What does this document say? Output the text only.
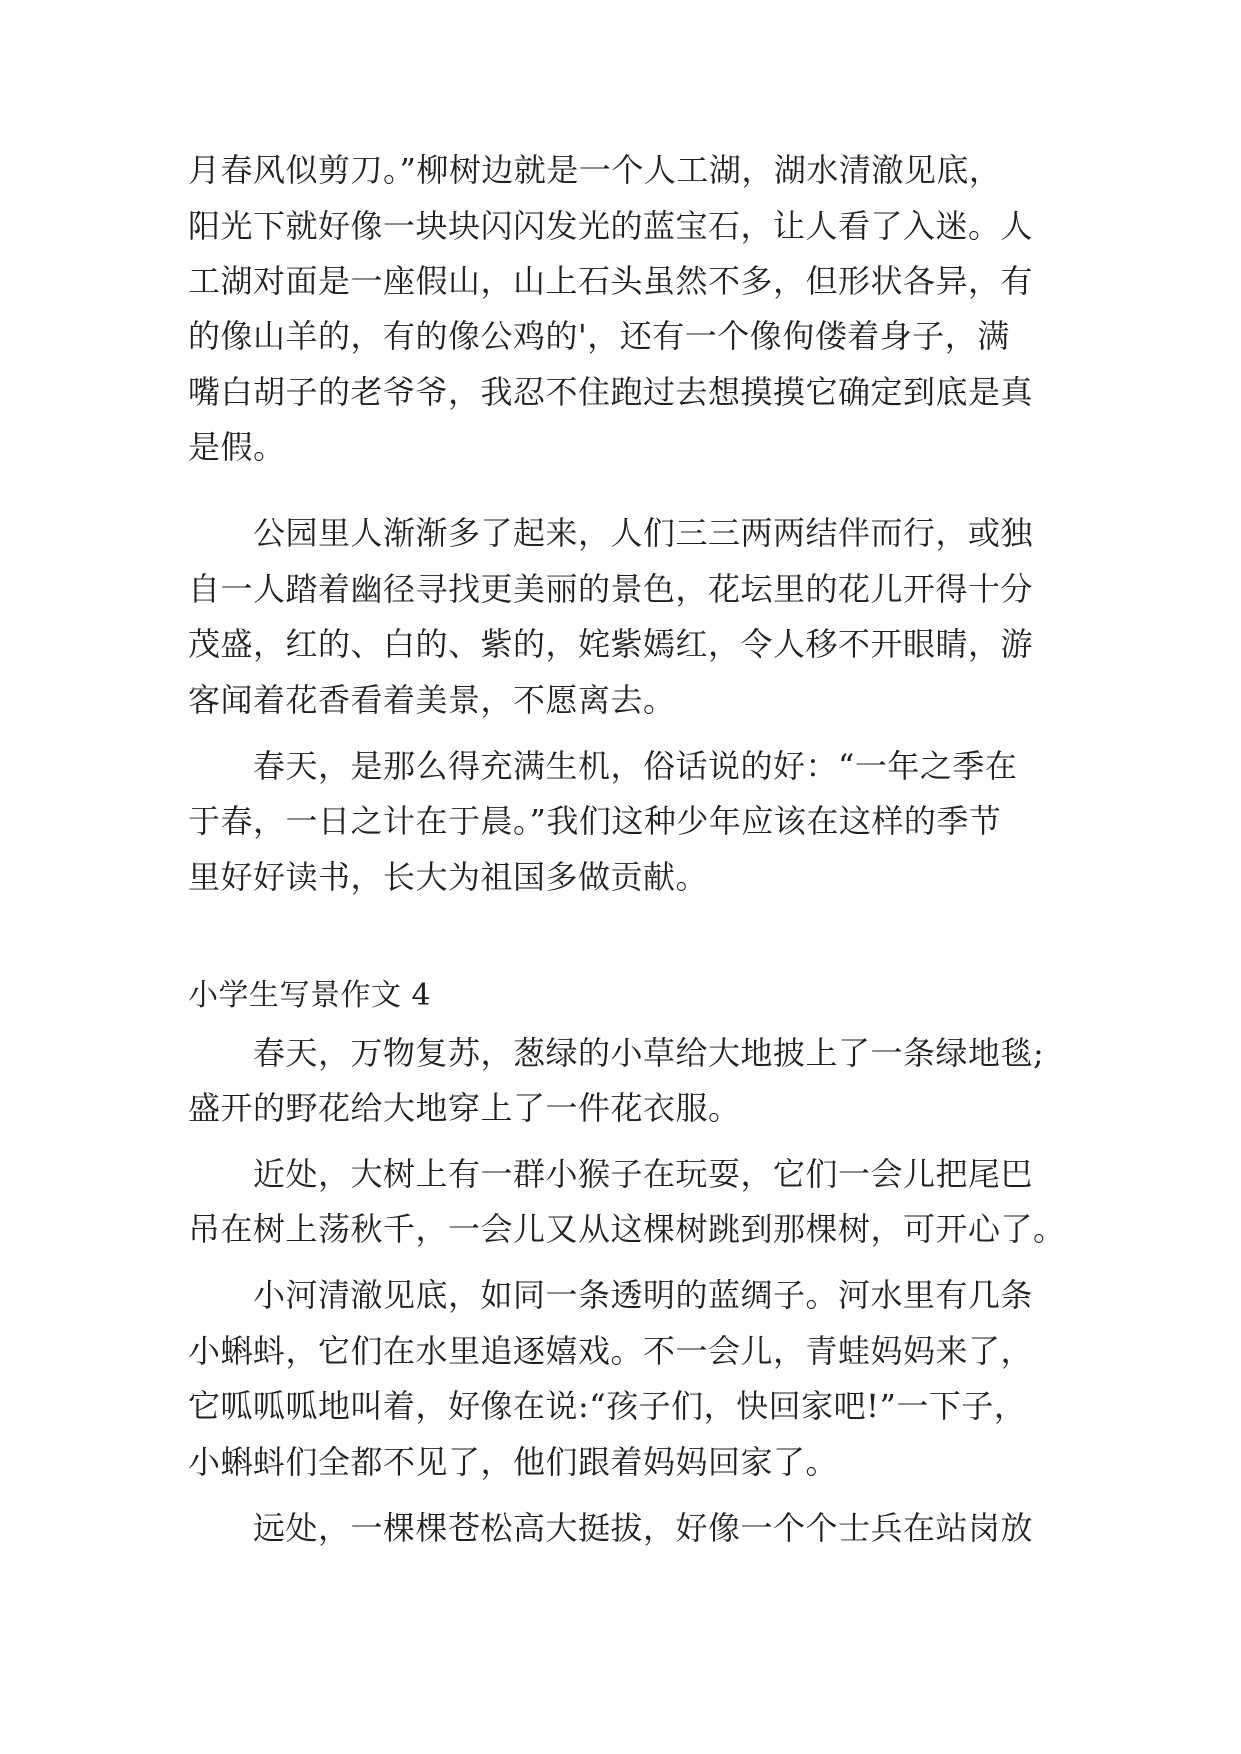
月春风似剪刀。”柳树边就是一个人工湖，湖水清澈见底，
阳光下就好像一块块闪闪发光的蓝宝石，让人看了入迷。人
工湖对面是一座假山，山上石头虽然不多，但形状各异，有
的像山羊的，有的像公鸡的'，还有一个像佝偻着身子，满
嘴白胡子的老爷爷，我忍不住跑过去想摸摸它确定到底是真
是假。
公园里人渐渐多了起来，人们三三两两结伴而行，或独
自一人踏着幽径寻找更美丽的景色，花坛里的花儿开得十分
茂盛，红的、白的、紫的，姹紫嫣红，令人移不开眼睛，游
客闻着花香看着美景，不愿离去。
春天，是那么得充满生机，俗话说的好：“一年之季在
于春，一日之计在于晨。”我们这种少年应该在这样的季节
里好好读书，长大为祖国多做贡献。
小学生写景作文 4
春天，万物复苏，葱绿的小草给大地披上了一条绿地毯;
盛开的野花给大地穿上了一件花衣服。
近处，大树上有一群小猴子在玩耍，它们一会儿把尾巴
吊在树上荡秋千，一会儿又从这棵树跳到那棵树，可开心了。
小河清澈见底，如同一条透明的蓝绸子。河水里有几条
小蝌蚪，它们在水里追逐嬉戏。不一会儿，青蛙妈妈来了，
它呱呱呱地叫着，好像在说:“孩子们，快回家吧!”一下子，
小蝌蚪们全都不见了，他们跟着妈妈回家了。
远处，一棵棵苍松高大挺拔，好像一个个士兵在站岗放
